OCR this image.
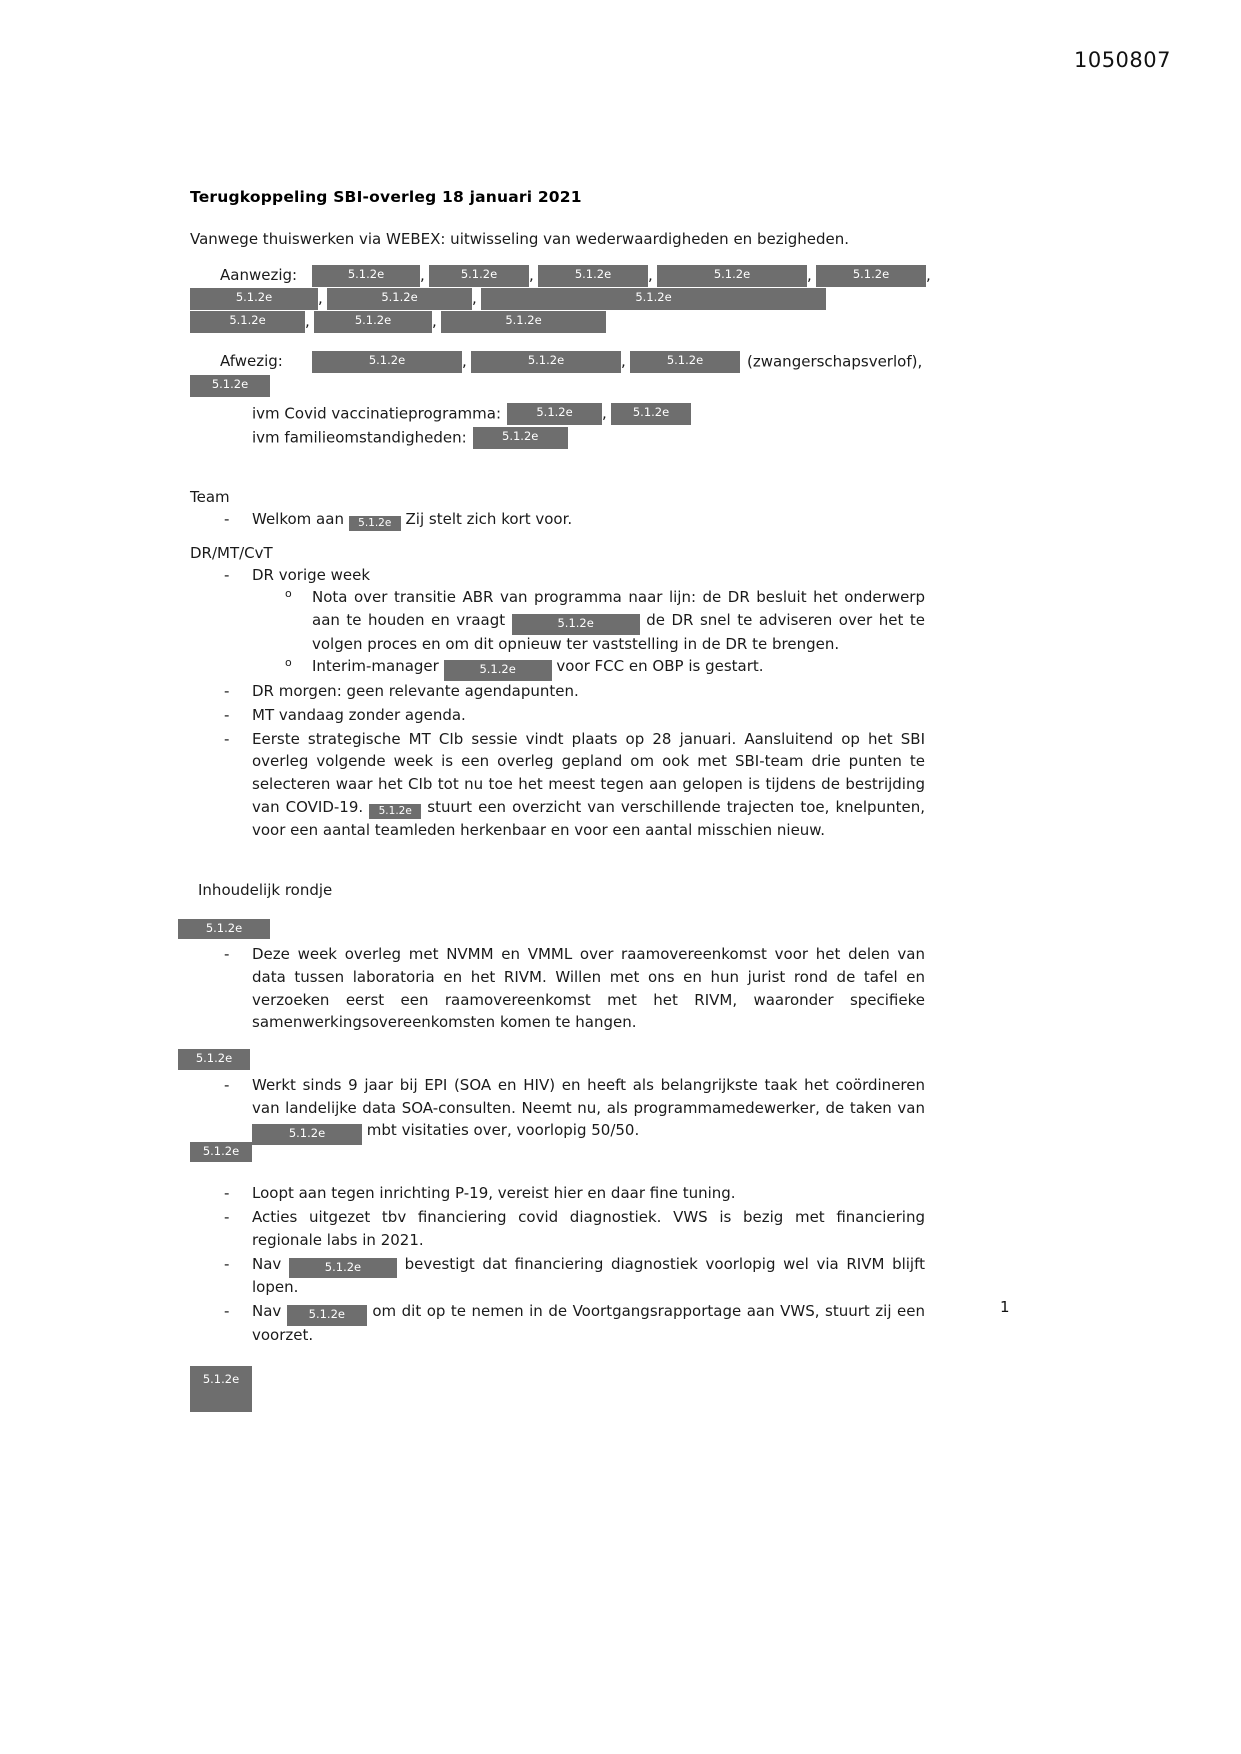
1050807
Terugkoppeling SBI-overleg 18 januari 2021
Vanwege thuiswerken via WEBEX: uitwisseling van wederwaardigheden en bezigheden.
Aanwezig:	5.1.2e ,	5.1.2e ,	5.1.2e ,	5.1.2e	,	5.1.2e ,
5.1.2e	,	5.1.2e	,	5.1.2e
5.1.2e	,	5.1.2e	,	5.1.2e
Afwezig:	5.1.2e	,	5.1.2e	,	5.1.2e	(zwangerschapsverlof),
5.1.2e
ivm Covid vaccinatieprogramma:	5.1.2e , 5.1.2e
ivm familieomstandigheden:	5.1.2e
Team
- Welkom aan 5.1.2e Zij stelt zich kort voor.
DR/MT/CvT
- DR vorige week
o Nota over transitie ABR van programma naar lijn: de DR besluit het onderwerp aan te houden en vraagt	5.1.2e	de DR snel te adviseren over het te volgen proces en om dit opnieuw ter vaststelling in de DR te brengen.
o Interim-manager	5.1.2e	voor FCC en OBP is gestart.
- DR morgen: geen relevante agendapunten.
- MT vandaag zonder agenda.
- Eerste strategische MT CIb sessie vindt plaats op 28 januari. Aansluitend op het SBI overleg volgende week is een overleg gepland om ook met SBI-team drie punten te selecteren waar het CIb tot nu toe het meest tegen aan gelopen is tijdens de bestrijding van COVID-19. 5.1.2e stuurt een overzicht van verschillende trajecten toe, knelpunten, voor een aantal teamleden herkenbaar en voor een aantal misschien nieuw.
Inhoudelijk rondje
5.1.2e
- Deze week overleg met NVMM en VMML over raamovereenkomst voor het delen van data tussen laboratoria en het RIVM. Willen met ons en hun jurist rond de tafel en verzoeken eerst een raamovereenkomst met het RIVM, waaronder specifieke samenwerkingsovereenkomsten komen te hangen.
5.1.2e
- Werkt sinds 9 jaar bij EPI (SOA en HIV) en heeft als belangrijkste taak het coördineren van landelijke data SOA-consulten. Neemt nu, als programmamedewerker, de taken van 5.1.2e	mbt visitaties over, voorlopig 50/50.
5.1.2e
- Loopt aan tegen inrichting P-19, vereist hier en daar fine tuning.
- Acties uitgezet tbv financiering covid diagnostiek. VWS is bezig met financiering regionale labs in 2021.
- Nav	5.1.2e	bevestigt dat financiering diagnostiek voorlopig wel via RIVM blijft lopen.
- Nav 5.1.2e om dit op te nemen in de Voortgangsrapportage aan VWS, stuurt zij een voorzet.
5.1.2e
1
